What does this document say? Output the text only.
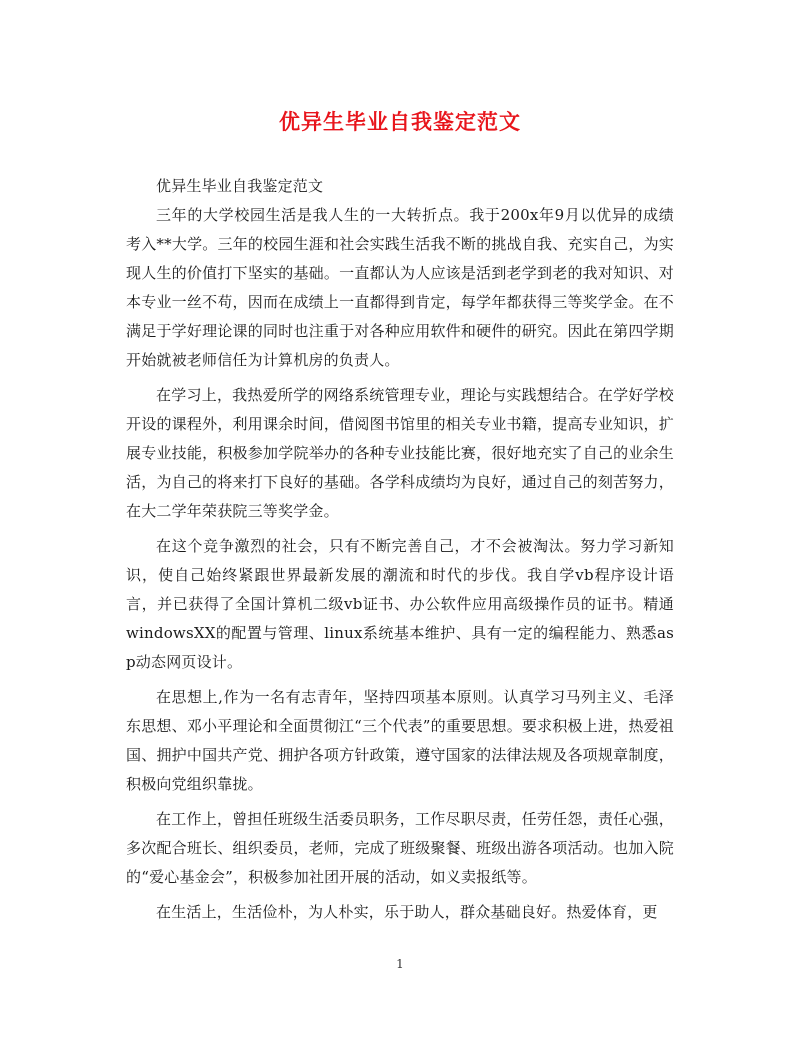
优异生毕业自我鉴定范文

优异生毕业自我鉴定范文

三年的大学校园生活是我人生的一大转折点。我于200x年9月以优异的成绩考入**大学。三年的校园生涯和社会实践生活我不断的挑战自我、充实自己，为实现人生的价值打下坚实的基础。一直都认为人应该是活到老学到老的我对知识、对本专业一丝不苟，因而在成绩上一直都得到肯定，每学年都获得三等奖学金。在不满足于学好理论课的同时也注重于对各种应用软件和硬件的研究。因此在第四学期开始就被老师信任为计算机房的负责人。

在学习上，我热爱所学的网络系统管理专业，理论与实践想结合。在学好学校开设的课程外，利用课余时间，借阅图书馆里的相关专业书籍，提高专业知识，扩展专业技能，积极参加学院举办的各种专业技能比赛，很好地充实了自己的业余生活，为自己的将来打下良好的基础。各学科成绩均为良好，通过自己的刻苦努力，在大二学年荣获院三等奖学金。

在这个竞争激烈的社会，只有不断完善自己，才不会被淘汰。努力学习新知识，使自己始终紧跟世界最新发展的潮流和时代的步伐。我自学vb程序设计语言，并已获得了全国计算机二级vb证书、办公软件应用高级操作员的证书。精通windowsXX的配置与管理、linux系统基本维护、具有一定的编程能力、熟悉asp动态网页设计。

在思想上,作为一名有志青年，坚持四项基本原则。认真学习马列主义、毛泽东思想、邓小平理论和全面贯彻江“三个代表”的重要思想。要求积极上进，热爱祖国、拥护中国共产党、拥护各项方针政策，遵守国家的法律法规及各项规章制度，积极向党组织靠拢。

在工作上，曾担任班级生活委员职务，工作尽职尽责，任劳任怨，责任心强，多次配合班长、组织委员，老师，完成了班级聚餐、班级出游各项活动。也加入院的“爱心基金会”，积极参加社团开展的活动，如义卖报纸等。

在生活上，生活俭朴，为人朴实，乐于助人，群众基础良好。热爱体育，更

1
